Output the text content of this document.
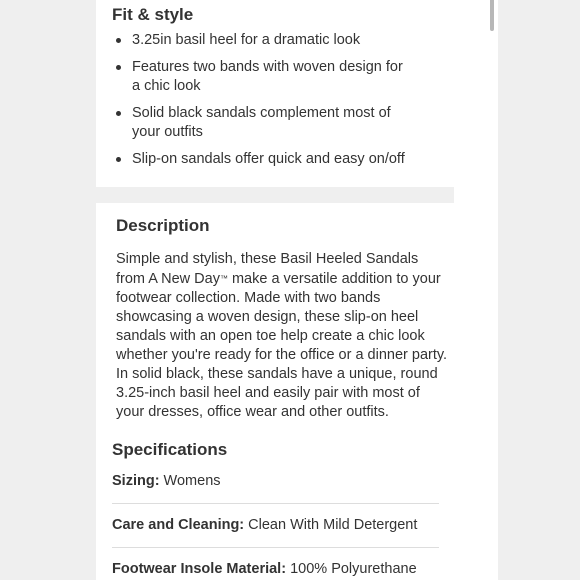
Fit & style
3.25in basil heel for a dramatic look
Features two bands with woven design for a chic look
Solid black sandals complement most of your outfits
Slip-on sandals offer quick and easy on/off
Description

Simple and stylish, these Basil Heeled Sandals from A New Day™ make a versatile addition to your footwear collection. Made with two bands showcasing a woven design, these slip-on heel sandals with an open toe help create a chic look whether you're ready for the office or a dinner party. In solid black, these sandals have a unique, round 3.25-inch basil heel and easily pair with most of your dresses, office wear and other outfits.

Specifications
Sizing: Womens
Care and Cleaning: Clean With Mild Detergent
Footwear Insole Material: 100% Polyurethane
